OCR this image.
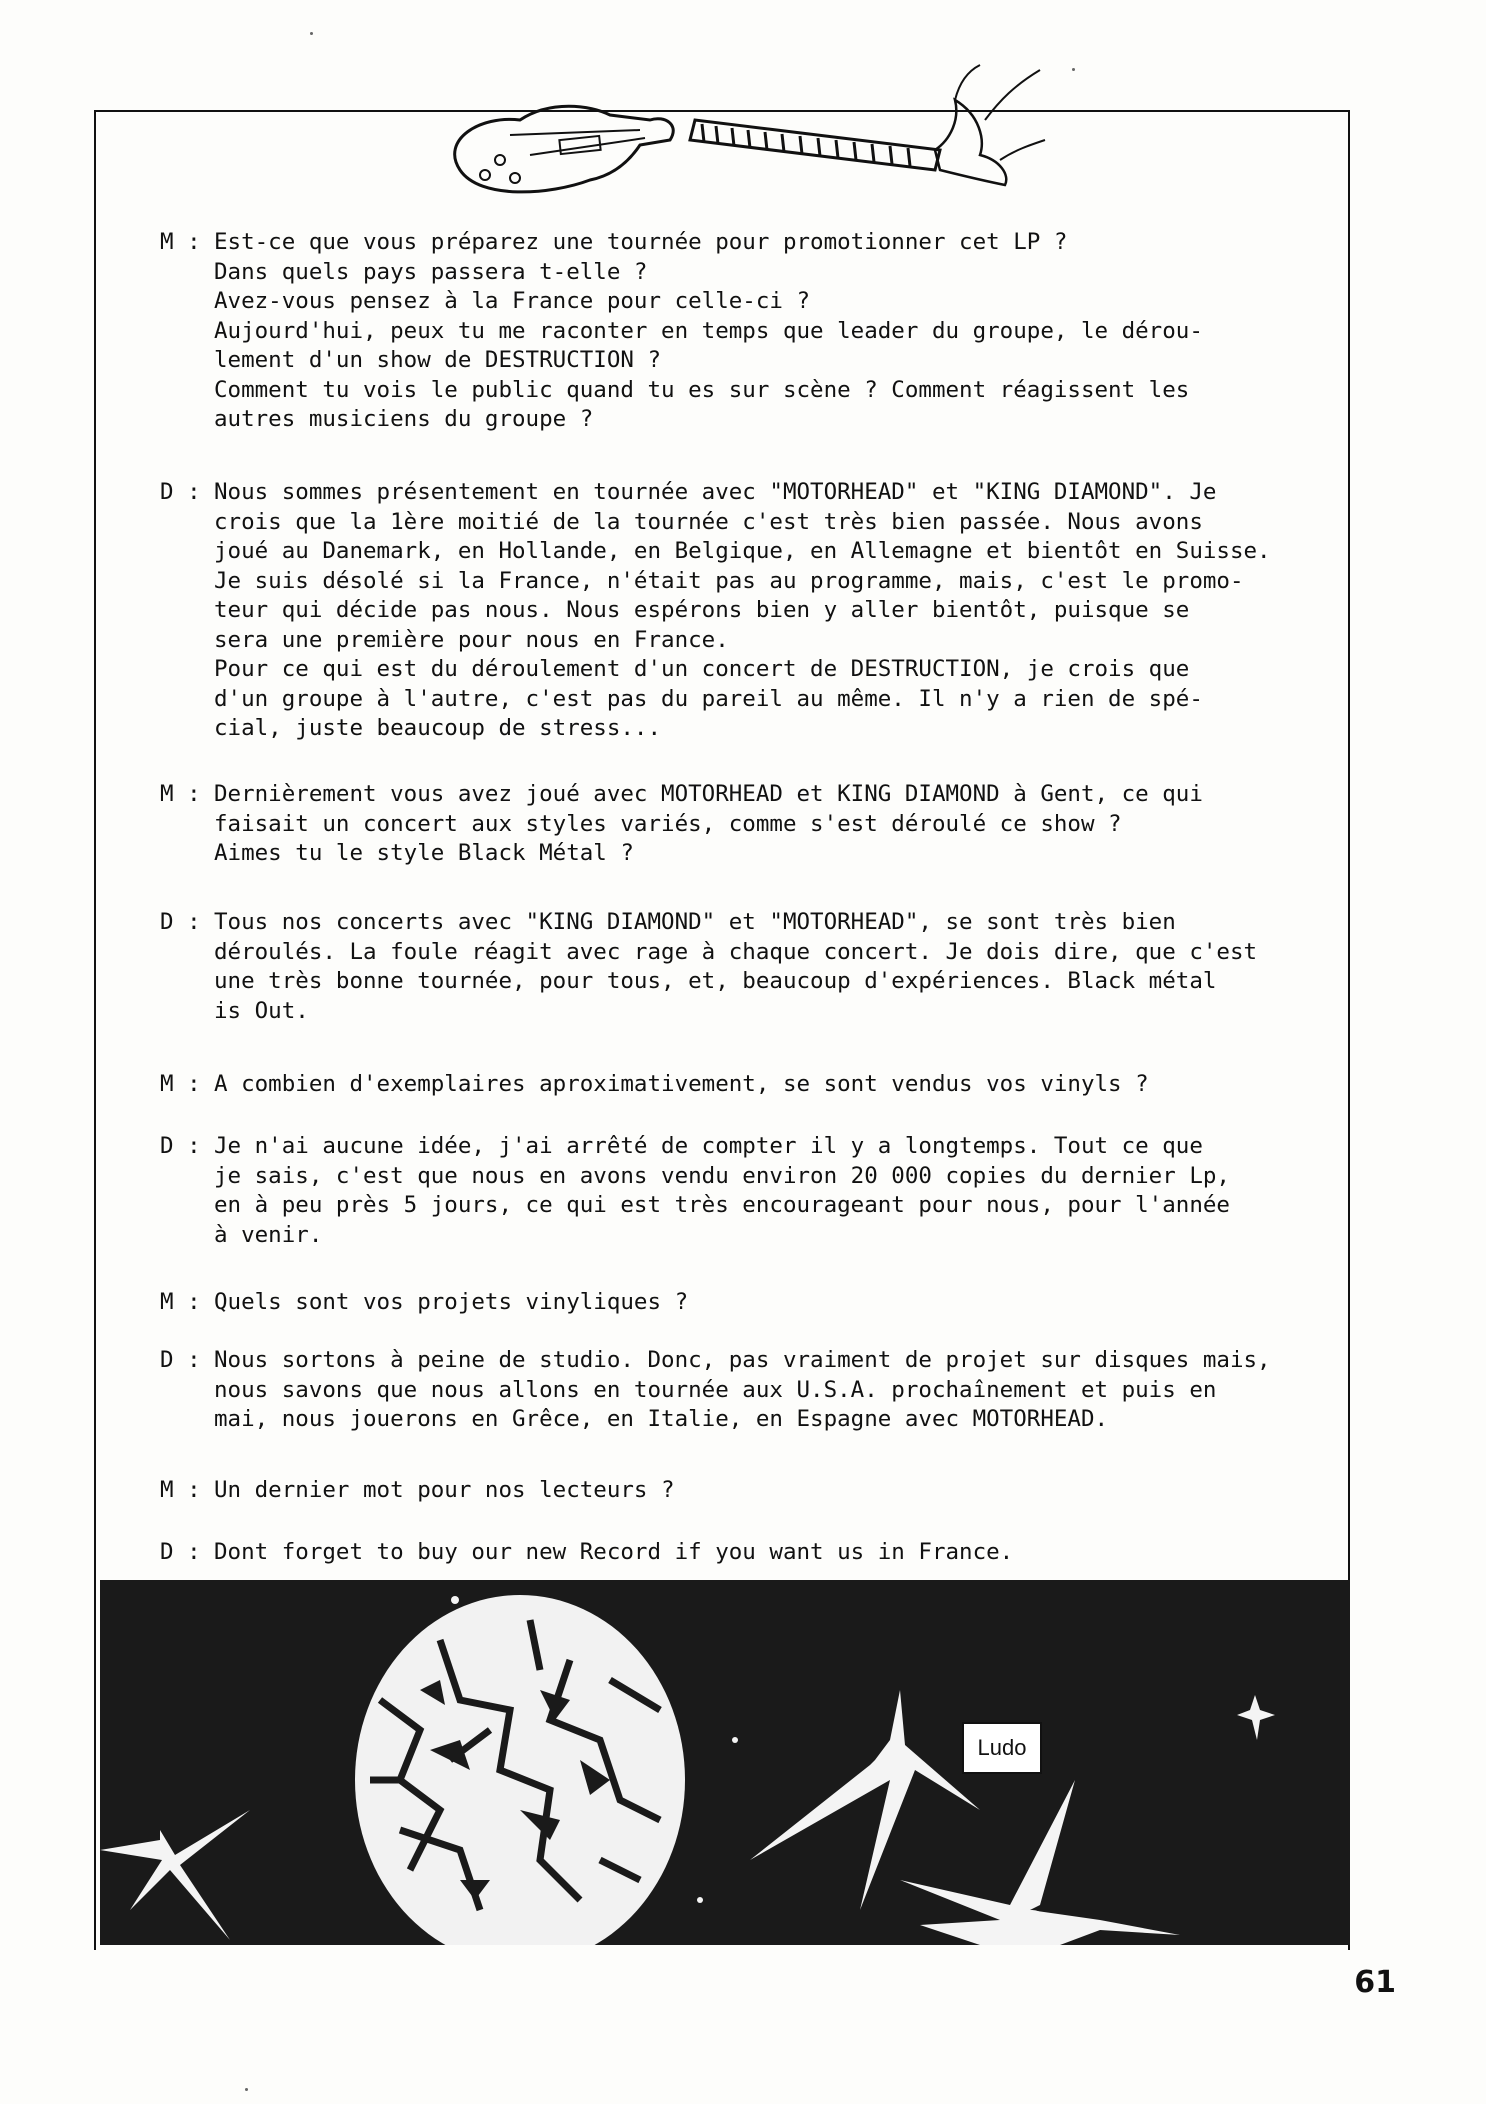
M : Est-ce que vous préparez une tournée pour promotionner cet LP ?
Dans quels pays passera t-elle ?
Avez-vous pensez à la France pour celle-ci ?
Aujourd'hui, peux tu me raconter en temps que leader du groupe, le dérou-
lement d'un show de DESTRUCTION ?
Comment tu vois le public quand tu es sur scène ? Comment réagissent les
autres musiciens du groupe ?
D : Nous sommes présentement en tournée avec "MOTORHEAD" et "KING DIAMOND". Je
crois que la 1ère moitié de la tournée c'est très bien passée. Nous avons
joué au Danemark, en Hollande, en Belgique, en Allemagne et bientôt en Suisse.
Je suis désolé si la France, n'était pas au programme, mais, c'est le promo-
teur qui décide pas nous. Nous espérons bien y aller bientôt, puisque se
sera une première pour nous en France.
Pour ce qui est du déroulement d'un concert de DESTRUCTION, je crois que
d'un groupe à l'autre, c'est pas du pareil au même. Il n'y a rien de spé-
cial, juste beaucoup de stress...
M : Dernièrement vous avez joué avec MOTORHEAD et KING DIAMOND à Gent, ce qui
faisait un concert aux styles variés, comme s'est déroulé ce show ?
Aimes tu le style Black Métal ?
D : Tous nos concerts avec "KING DIAMOND" et "MOTORHEAD", se sont très bien
déroulés. La foule réagit avec rage à chaque concert. Je dois dire, que c'est
une très bonne tournée, pour tous, et, beaucoup d'expériences. Black métal
is Out.
M : A combien d'exemplaires aproximativement, se sont vendus vos vinyls ?
D : Je n'ai aucune idée, j'ai arrêté de compter il y a longtemps. Tout ce que
je sais, c'est que nous en avons vendu environ 20 000 copies du dernier Lp,
en à peu près 5 jours, ce qui est très encourageant pour nous, pour l'année
à venir.
M : Quels sont vos projets vinyliques ?
D : Nous sortons à peine de studio. Donc, pas vraiment de projet sur disques mais,
nous savons que nous allons en tournée aux U.S.A. prochaînement et puis en
mai, nous jouerons en Grêce, en Italie, en Espagne avec MOTORHEAD.
M : Un dernier mot pour nos lecteurs ?
D : Dont forget to buy our new Record if you want us in France.
Ludo
61
